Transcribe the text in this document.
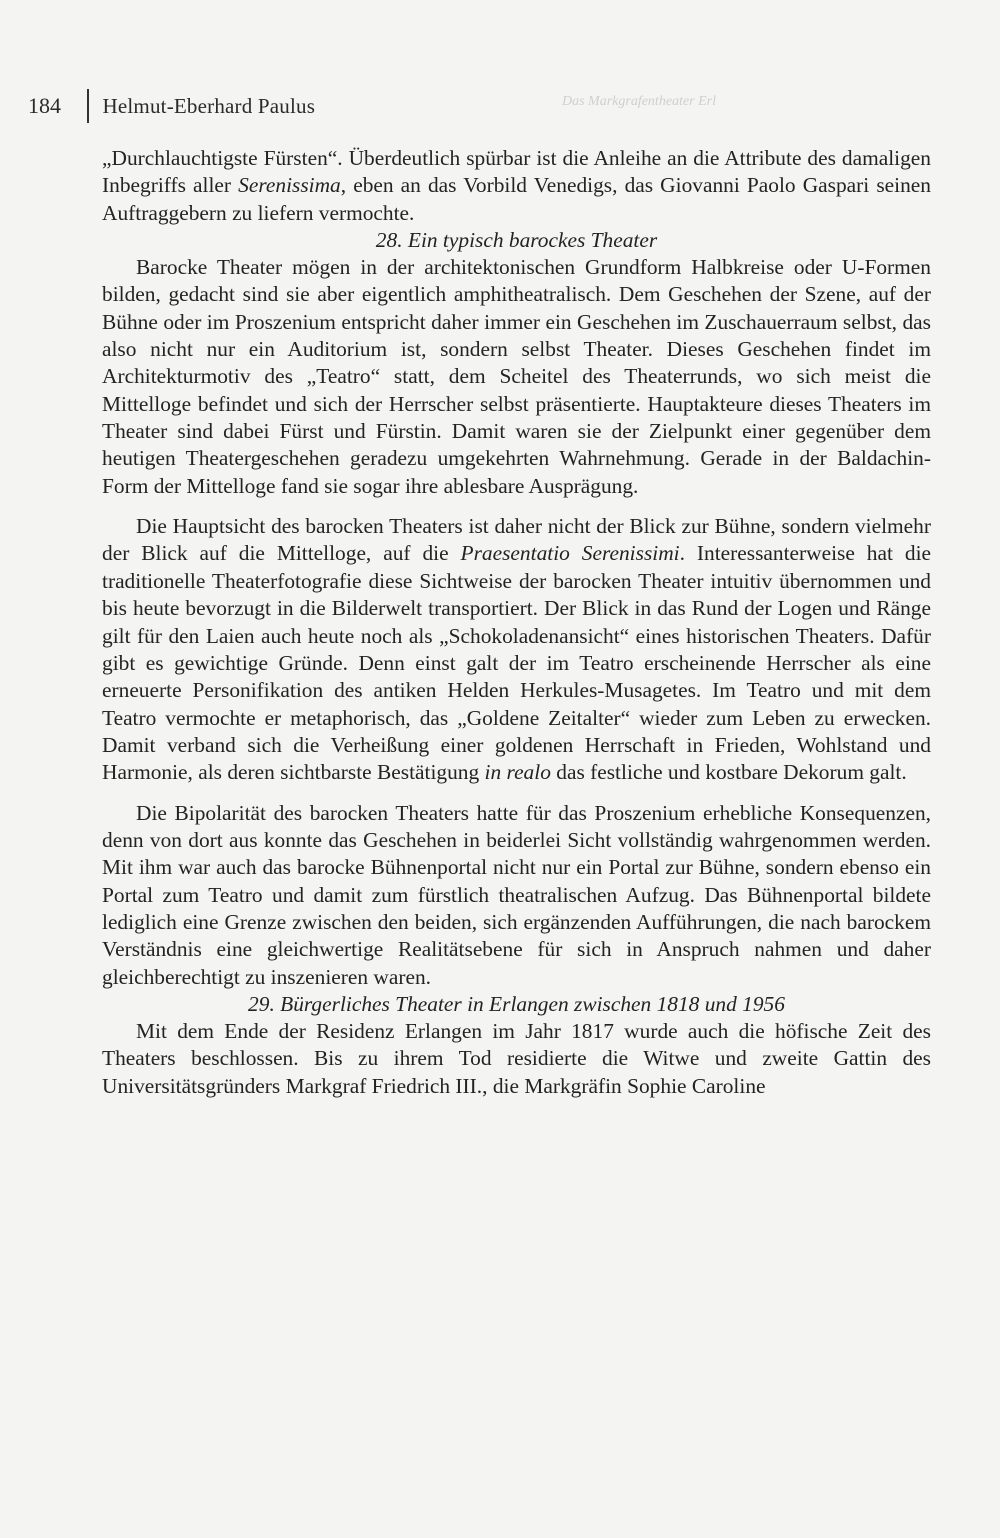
184 Helmut-Eberhard Paulus	Das Markgrafentheater Erl

„Durchlauchtigste Fürsten“. Überdeutlich spürbar ist die Anleihe an die Attribute des damaligen Inbegriffs aller Serenissima, eben an das Vorbild Venedigs, das Giovanni Paolo Gaspari seinen Auftraggebern zu liefern vermochte.

28. Ein typisch barockes Theater

Barocke Theater mögen in der architektonischen Grundform Halbkreise oder U-Formen bilden, gedacht sind sie aber eigentlich amphitheatralisch. Dem Geschehen der Szene, auf der Bühne oder im Proszenium entspricht daher immer ein Geschehen im Zuschauerraum selbst, das also nicht nur ein Auditorium ist, sondern selbst Theater. Dieses Geschehen findet im Architekturmotiv des „Teatro“ statt, dem Scheitel des Theaterrunds, wo sich meist die Mittelloge befindet und sich der Herrscher selbst präsentierte. Hauptakteure dieses Theaters im Theater sind dabei Fürst und Fürstin. Damit waren sie der Zielpunkt einer gegenüber dem heutigen Theatergeschehen geradezu umgekehrten Wahrnehmung. Gerade in der Baldachin-Form der Mittelloge fand sie sogar ihre ablesbare Ausprägung.

Die Hauptsicht des barocken Theaters ist daher nicht der Blick zur Bühne, sondern vielmehr der Blick auf die Mittelloge, auf die Praesentatio Serenissimi. Interessanterweise hat die traditionelle Theaterfotografie diese Sichtweise der barocken Theater intuitiv übernommen und bis heute bevorzugt in die Bilderwelt transportiert. Der Blick in das Rund der Logen und Ränge gilt für den Laien auch heute noch als „Schokoladenansicht“ eines historischen Theaters. Dafür gibt es gewichtige Gründe. Denn einst galt der im Teatro erscheinende Herrscher als eine erneuerte Personifikation des antiken Helden Herkules-Musagetes. Im Teatro und mit dem Teatro vermochte er metaphorisch, das „Goldene Zeitalter“ wieder zum Leben zu erwecken. Damit verband sich die Verheißung einer goldenen Herrschaft in Frieden, Wohlstand und Harmonie, als deren sichtbarste Bestätigung in realo das festliche und kostbare Dekorum galt.

Die Bipolarität des barocken Theaters hatte für das Proszenium erhebliche Konsequenzen, denn von dort aus konnte das Geschehen in beiderlei Sicht vollständig wahrgenommen werden. Mit ihm war auch das barocke Bühnenportal nicht nur ein Portal zur Bühne, sondern ebenso ein Portal zum Teatro und damit zum fürstlich theatralischen Aufzug. Das Bühnenportal bildete lediglich eine Grenze zwischen den beiden, sich ergänzenden Aufführungen, die nach barockem Verständnis eine gleichwertige Realitätsebene für sich in Anspruch nahmen und daher gleichberechtigt zu inszenieren waren.

29. Bürgerliches Theater in Erlangen zwischen 1818 und 1956

Mit dem Ende der Residenz Erlangen im Jahr 1817 wurde auch die höfische Zeit des Theaters beschlossen. Bis zu ihrem Tod residierte die Witwe und zweite Gattin des Universitätsgründers Markgraf Friedrich III., die Markgräfin Sophie Caroline
